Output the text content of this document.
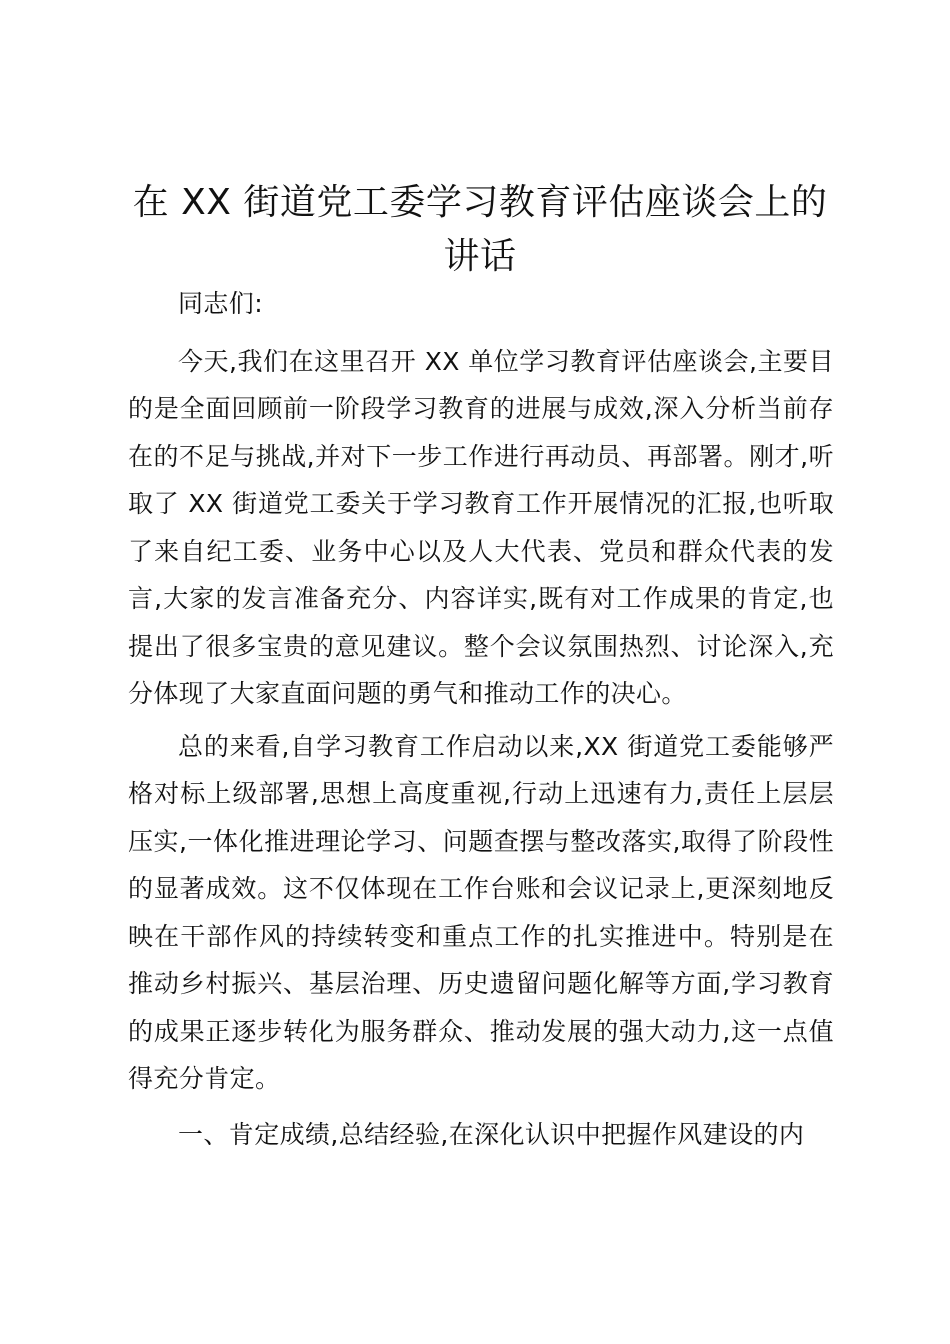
在 XX 街道党工委学习教育评估座谈会上的讲话

同志们:

今天,我们在这里召开 XX 单位学习教育评估座谈会,主要目的是全面回顾前一阶段学习教育的进展与成效,深入分析当前存在的不足与挑战,并对下一步工作进行再动员、再部署。刚才,听取了 XX 街道党工委关于学习教育工作开展情况的汇报,也听取了来自纪工委、业务中心以及人大代表、党员和群众代表的发言,大家的发言准备充分、内容详实,既有对工作成果的肯定,也提出了很多宝贵的意见建议。整个会议氛围热烈、讨论深入,充分体现了大家直面问题的勇气和推动工作的决心。

总的来看,自学习教育工作启动以来,XX 街道党工委能够严格对标上级部署,思想上高度重视,行动上迅速有力,责任上层层压实,一体化推进理论学习、问题查摆与整改落实,取得了阶段性的显著成效。这不仅体现在工作台账和会议记录上,更深刻地反映在干部作风的持续转变和重点工作的扎实推进中。特别是在推动乡村振兴、基层治理、历史遗留问题化解等方面,学习教育的成果正逐步转化为服务群众、推动发展的强大动力,这一点值得充分肯定。

一、肯定成绩,总结经验,在深化认识中把握作风建设的内
